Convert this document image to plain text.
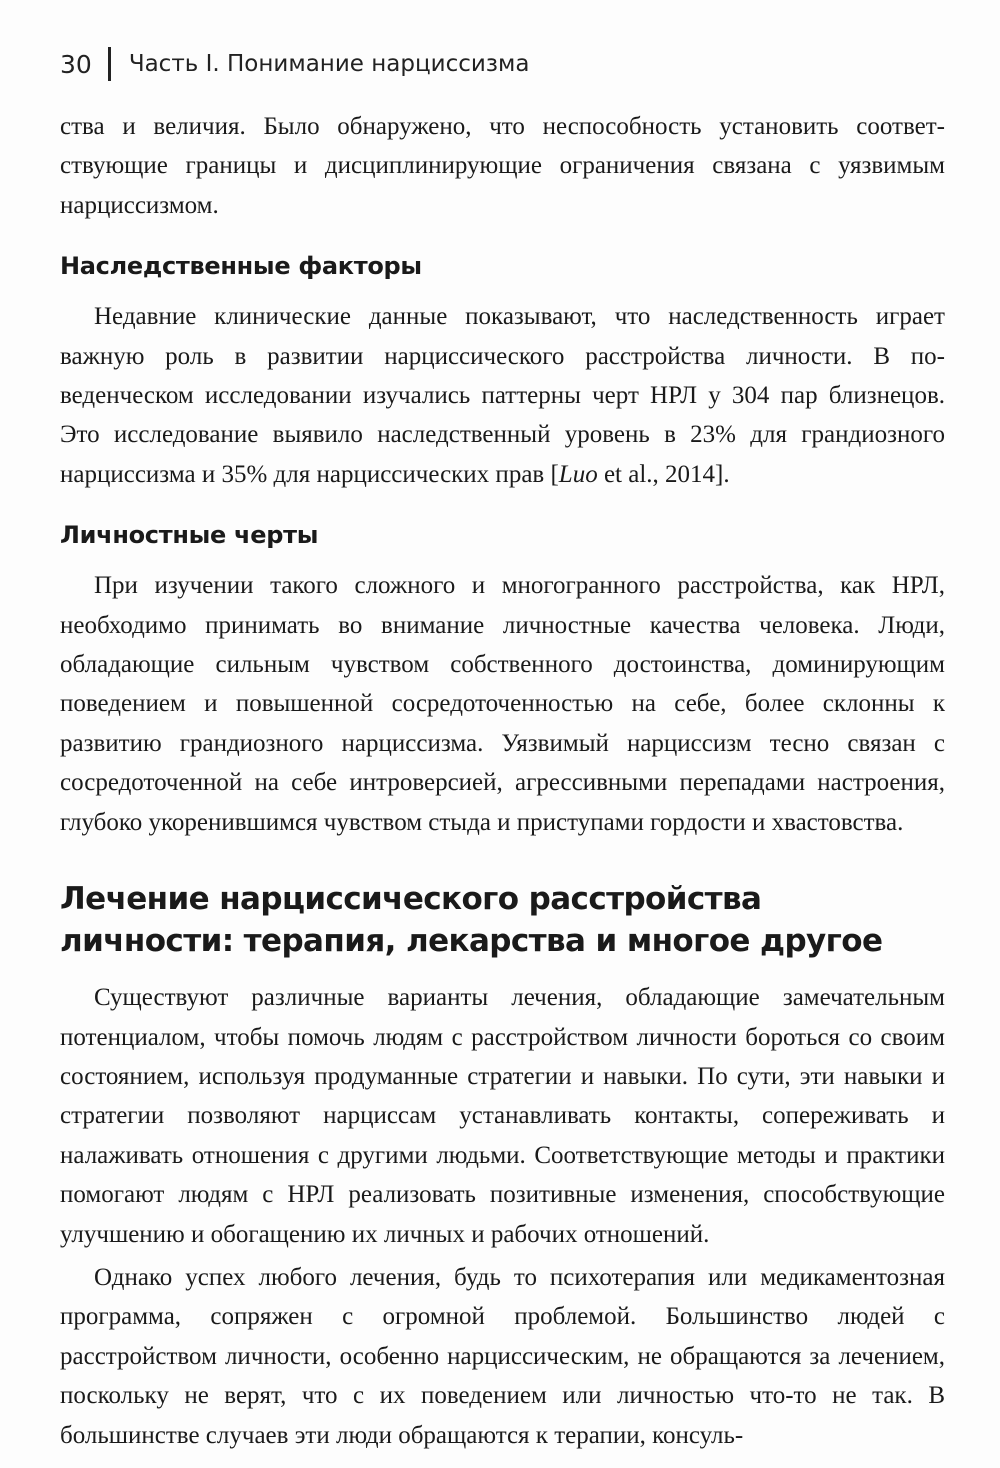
30 Часть I. Понимание нарциссизма

ства и величия. Было обнаружено, что неспособность установить соответствующие границы и дисциплинирующие ограничения связана с уязвимым нарциссизмом.

Наследственные факторы

Недавние клинические данные показывают, что наследственность играет важную роль в развитии нарциссического расстройства личности. В поведенческом исследовании изучались паттерны черт НРЛ у 304 пар близнецов. Это исследование выявило наследственный уровень в 23% для грандиозного нарциссизма и 35% для нарциссических прав [Luo et al., 2014].

Личностные черты

При изучении такого сложного и многогранного расстройства, как НРЛ, необходимо принимать во внимание личностные качества человека. Люди, обладающие сильным чувством собственного достоинства, доминирующим поведением и повышенной сосредоточенностью на себе, более склонны к развитию грандиозного нарциссизма. Уязвимый нарциссизм тесно связан с сосредоточенной на себе интроверсией, агрессивными перепадами настроения, глубоко укоренившимся чувством стыда и приступами гордости и хвастовства.

Лечение нарциссического расстройства личности: терапия, лекарства и многое другое

Существуют различные варианты лечения, обладающие замечательным потенциалом, чтобы помочь людям с расстройством личности бороться со своим состоянием, используя продуманные стратегии и навыки. По сути, эти навыки и стратегии позволяют нарциссам устанавливать контакты, сопереживать и налаживать отношения с другими людьми. Соответствующие методы и практики помогают людям с НРЛ реализовать позитивные изменения, способствующие улучшению и обогащению их личных и рабочих отношений.

Однако успех любого лечения, будь то психотерапия или медикаментозная программа, сопряжен с огромной проблемой. Большинство людей с расстройством личности, особенно нарциссическим, не обращаются за лечением, поскольку не верят, что с их поведением или личностью что-то не так. В большинстве случаев эти люди обращаются к терапии, консуль-
